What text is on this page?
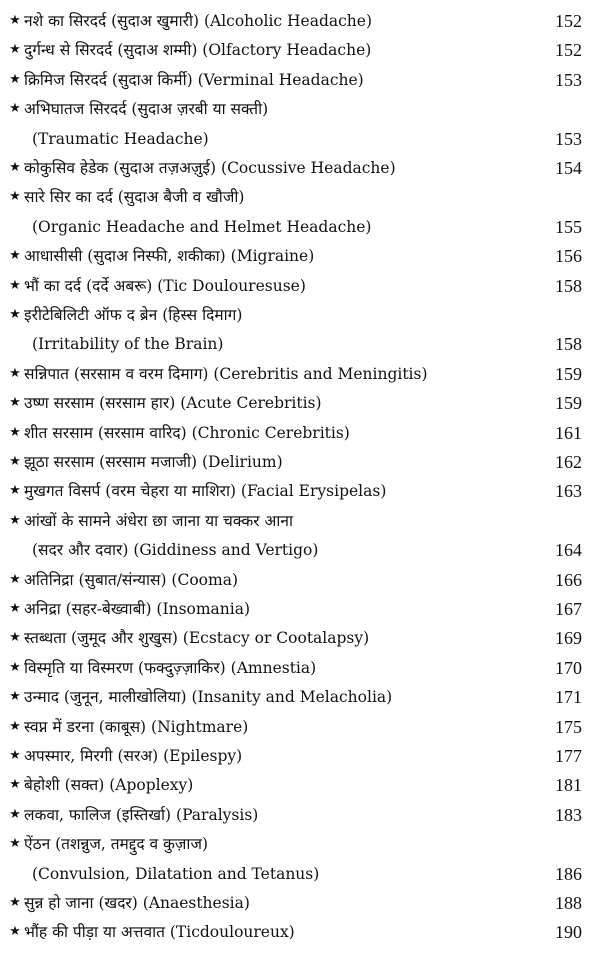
★ नशे का सिरदर्द (सुदाअ खुमारी) (Alcoholic Headache)	152
★ दुर्गन्ध से सिरदर्द (सुदाअ शम्मी) (Olfactory Headache)	152
★ क्रिमिज सिरदर्द (सुदाअ किर्मी) (Verminal Headache)	153
★ अभिघातज सिरदर्द (सुदाअ ज़रबी या सक्ती)
(Traumatic Headache)	153
★ कोकुसिव हेडेक (सुदाअ तज़अज़ुई) (Cocussive Headache)	154
★ सारे सिर का दर्द (सुदाअ बैजी व खौजी)
(Organic Headache and Helmet Headache)	155
★ आधासीसी (सुदाअ निस्फी, शकीका) (Migraine)	156
★ भौं का दर्द (दर्दे अबरू) (Tic Doulouresuse)	158
★ इरीटेबिलिटी ऑफ द ब्रेन (हिस्स दिमाग)
(Irritability of the Brain)	158
★ सन्निपात (सरसाम व वरम दिमाग) (Cerebritis and Meningitis)	159
★ उष्ण सरसाम (सरसाम हार) (Acute Cerebritis)	159
★ शीत सरसाम (सरसाम वारिद) (Chronic Cerebritis)	161
★ झूठा सरसाम (सरसाम मजाजी) (Delirium)	162
★ मुखगत विसर्प (वरम चेहरा या माशिरा) (Facial Erysipelas)	163
★ आंखों के सामने अंधेरा छा जाना या चक्कर आना
(सदर और दवार) (Giddiness and Vertigo)	164
★ अतिनिद्रा (सुबात/संन्यास) (Cooma)	166
★ अनिद्रा (सहर-बेख्वाबी) (Insomania)	167
★ स्तब्धता (जुमूद और शुखुस) (Ecstacy or Cootalapsy)	169
★ विस्मृति या विस्मरण (फक्दुज़्ज़ाकिर) (Amnestia)	170
★ उन्माद (जुनून, मालीखोलिया) (Insanity and Melacholia)	171
★ स्वप्न में डरना (काबूस) (Nightmare)	175
★ अपस्मार, मिरगी (सरअ) (Epilespy)	177
★ बेहोशी (सक्त) (Apoplexy)	181
★ लकवा, फालिज (इस्तिर्खा) (Paralysis)	183
★ ऐंठन (तशन्नुज, तमद्दुद व कुज़ाज)
(Convulsion, Dilatation and Tetanus)	186
★ सुन्न हो जाना (खदर) (Anaesthesia)	188
★ भौंह की पीड़ा या अत्तवात (Ticdouloureux)	190
